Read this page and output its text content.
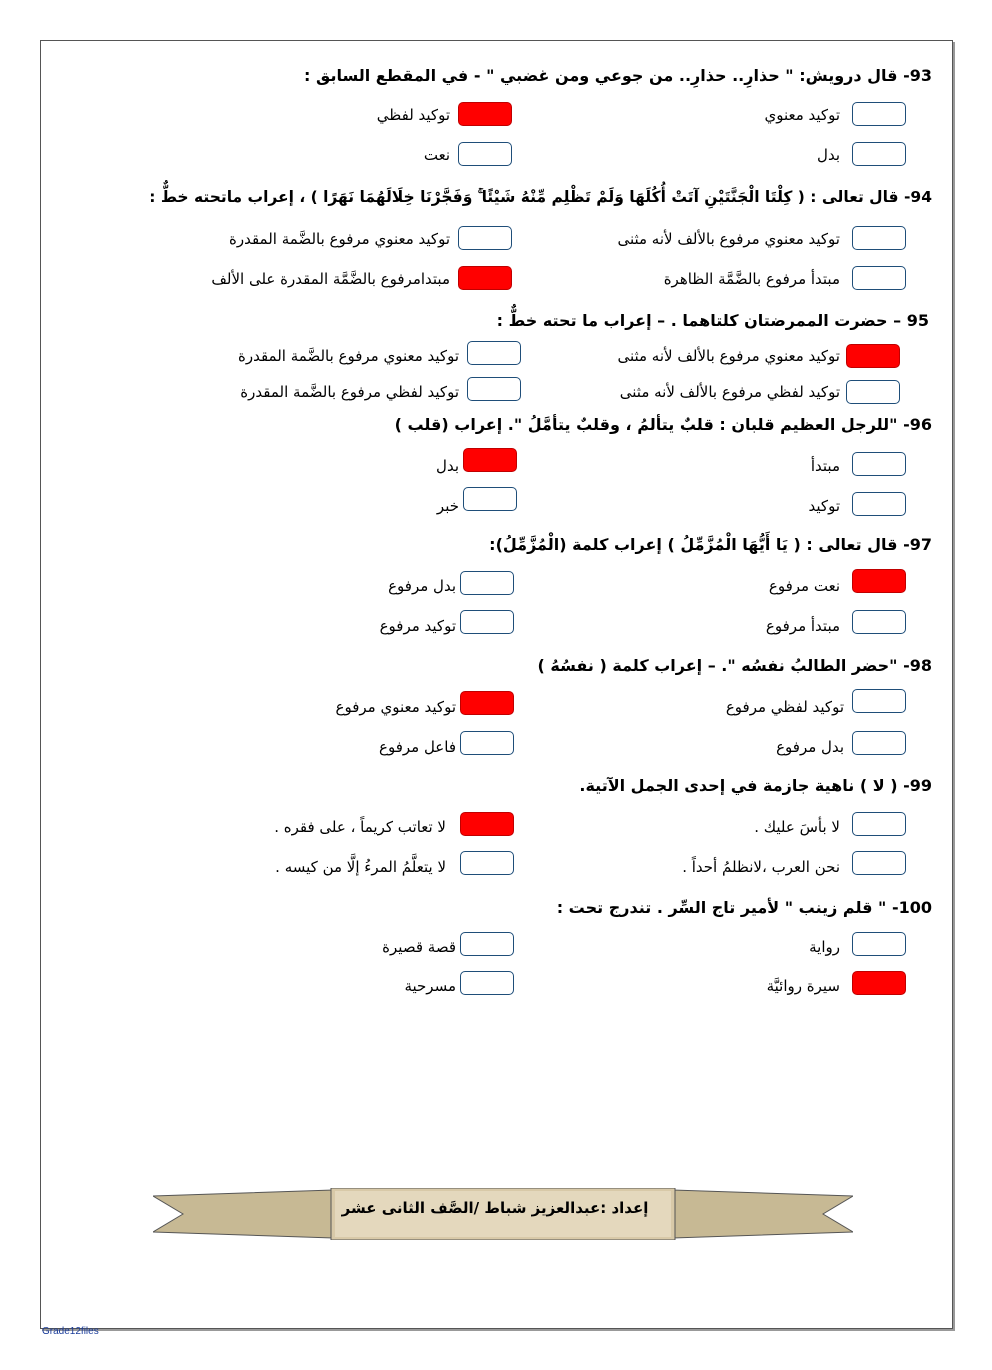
93- قال درويش: " حذارِ.. حذارِ.. من جوعي ومن غضبي " - في المقطع السابق :
توكيد معنوي
توكيد لفظي
بدل
نعت
94- قال تعالى : ( كِلْتَا الْجَنَّتَيْنِ آتَتْ أُكُلَهَا وَلَمْ تَظْلِم مِّنْهُ شَيْئًا ۚ وَفَجَّرْنَا خِلَالَهُمَا نَهَرًا ) ، إعراب ماتحته خطٌّ :
توكيد معنوي مرفوع بالألف لأنه مثنى
توكيد معنوي مرفوع بالضَّمة المقدرة
مبتدأ مرفوع بالضَّمَّة الظاهرة
مبتدامرفوع بالضَّمَّة المقدرة على الألف
95 – حضرت الممرضتان كلتاهما . – إعراب ما تحته خطٌّ :
توكيد معنوي مرفوع بالألف لأنه مثنى
توكيد معنوي مرفوع بالضَّمة المقدرة
توكيد لفظي مرفوع بالألف لأنه مثنى
توكيد لفظي مرفوع بالضَّمة المقدرة
96- "للرجل العظيم قلبان : قلبٌ يتألمُ ، وقلبٌ يتأمَّلُ ". إعراب (قلب )
مبتدأ
بدل
توكيد
خبر
97- قال تعالى : ( يَا أَيُّهَا الْمُزَّمِّلُ ) إعراب كلمة (الْمُزَّمِّلُ):
نعت مرفوع
بدل مرفوع
مبتدأ مرفوع
توكيد مرفوع
98- "حضر الطالبُ نفسُه ". – إعراب كلمة ( نفسُهُ )
توكيد لفظي مرفوع
توكيد معنوي مرفوع
بدل مرفوع
فاعل مرفوع
99- ( لا ) ناهية جازمة في إحدى الجمل الآتية.
لا بأسَ عليك .
لا تعاتب كريماً ، على فقره .
نحن العرب ،لانظلمُ أحداً .
لا يتعلَّمُ المرءُ إلَّا من كيسه .
100- " قلم زينب " لأمير تاج السِّر . تندرج تحت :
رواية
قصة قصيرة
سيرة روائيَّة
مسرحية
إعداد :عبدالعزيز شباط /الصَّف الثانى عشر
Grade12files
